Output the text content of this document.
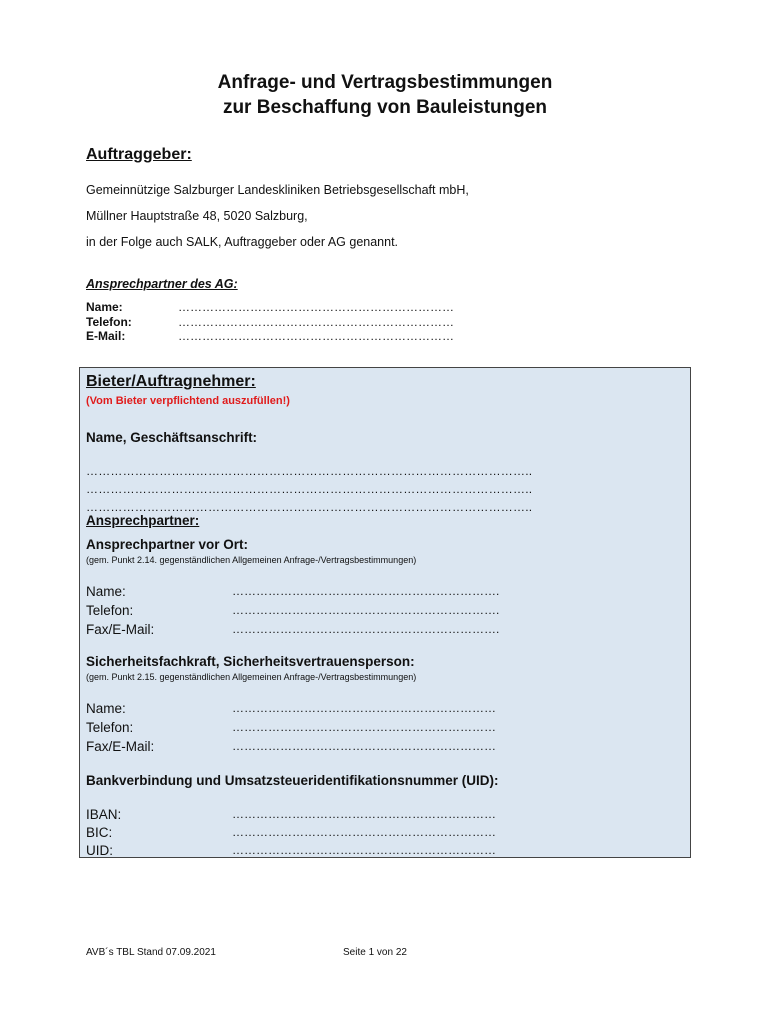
Anfrage- und Vertragsbestimmungen
zur Beschaffung von Bauleistungen
Auftraggeber:
Gemeinnützige Salzburger Landeskliniken Betriebsgesellschaft mbH,
Müllner Hauptstraße 48, 5020 Salzburg,
in der Folge auch SALK, Auftraggeber oder AG genannt.
Ansprechpartner des AG:
Name:	……………………………………………………………
Telefon:	……………………………………………………………
E-Mail:	……………………………………………………………
Bieter/Auftragnehmer:
(Vom Bieter verpflichtend auszufüllen!)
Name, Geschäftsanschrift:
………………………………………………………………………………………………..
………………………………………………………………………………………………..
………………………………………………………………………………………………..
Ansprechpartner:
Ansprechpartner vor Ort:
(gem. Punkt 2.14. gegenständlichen Allgemeinen Anfrage-/Vertragsbestimmungen)
Name:	………………………………………………………….
Telefon:	………………………………………………………….
Fax/E-Mail:	………………………………………………………….
Sicherheitsfachkraft, Sicherheitsvertrauensperson:
(gem. Punkt 2.15. gegenständlichen Allgemeinen Anfrage-/Vertragsbestimmungen)
Name:	…………………………………………………………
Telefon:	…………………………………………………………
Fax/E-Mail:	…………………………………………………………
Bankverbindung und Umsatzsteueridentifikationsnummer (UID):
IBAN:	…………………………………………………………
BIC:	…………………………………………………………
UID:	…………………………………………………………
AVB´s TBL Stand 07.09.2021	Seite 1 von 22
